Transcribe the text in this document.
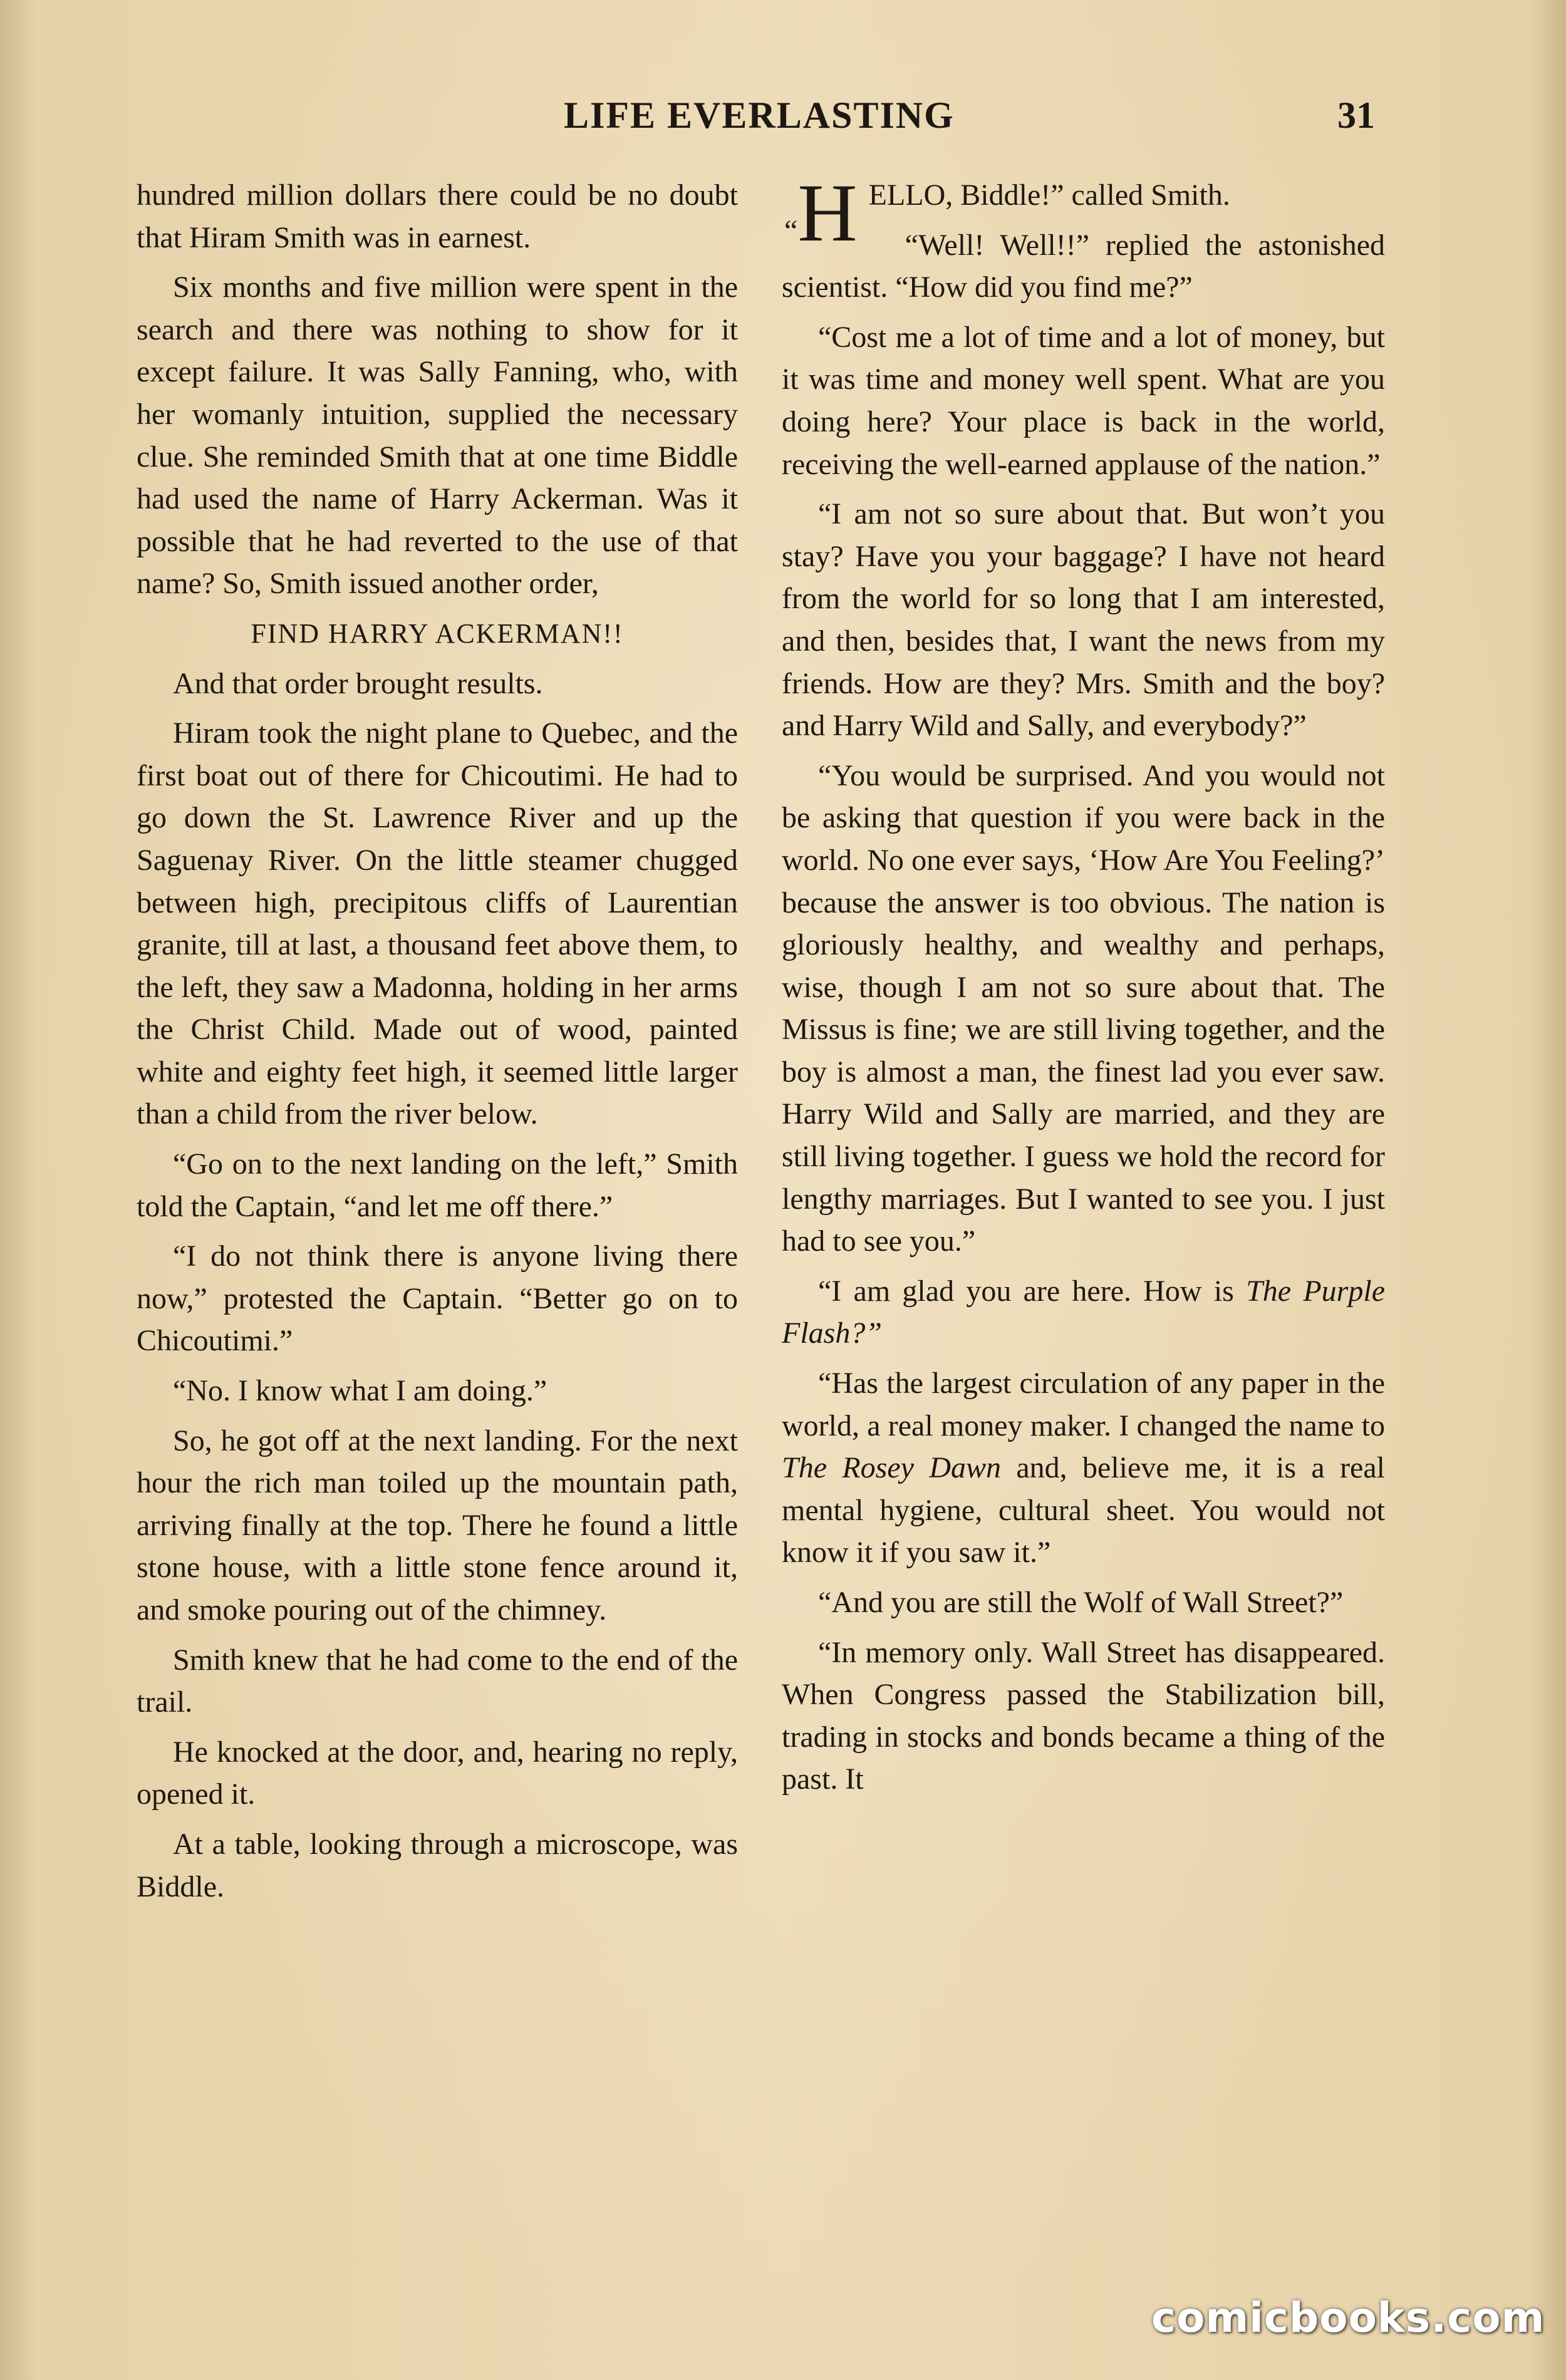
LIFE EVERLASTING	31

hundred million dollars there could be no doubt that Hiram Smith was in earnest.

Six months and five million were spent in the search and there was nothing to show for it except failure. It was Sally Fanning, who, with her womanly intuition, supplied the necessary clue. She reminded Smith that at one time Biddle had used the name of Harry Ackerman. Was it possible that he had reverted to the use of that name? So, Smith issued another order,

FIND HARRY ACKERMAN!!

And that order brought results.

Hiram took the night plane to Quebec, and the first boat out of there for Chicoutimi. He had to go down the St. Lawrence River and up the Saguenay River. On the little steamer chugged between high, precipitous cliffs of Laurentian granite, till at last, a thousand feet above them, to the left, they saw a Madonna, holding in her arms the Christ Child. Made out of wood, painted white and eighty feet high, it seemed little larger than a child from the river below.

“Go on to the next landing on the left,” Smith told the Captain, “and let me off there.”

“I do not think there is anyone living there now,” protested the Captain. “Better go on to Chicoutimi.”

“No. I know what I am doing.”

So, he got off at the next landing. For the next hour the rich man toiled up the mountain path, arriving finally at the top. There he found a little stone house, with a little stone fence around it, and smoke pouring out of the chimney.

Smith knew that he had come to the end of the trail.

He knocked at the door, and, hearing no reply, opened it.

At a table, looking through a microscope, was Biddle.

“H ELLO, Biddle!” called Smith.

“Well! Well!!” replied the astonished scientist. “How did you find me?”

“Cost me a lot of time and a lot of money, but it was time and money well spent. What are you doing here? Your place is back in the world, receiving the well-earned applause of the nation.”

“I am not so sure about that. But won’t you stay? Have you your baggage? I have not heard from the world for so long that I am interested, and then, besides that, I want the news from my friends. How are they? Mrs. Smith and the boy? and Harry Wild and Sally, and everybody?”

“You would be surprised. And you would not be asking that question if you were back in the world. No one ever says, ‘How Are You Feeling?’ because the answer is too obvious. The nation is gloriously healthy, and wealthy and perhaps, wise, though I am not so sure about that. The Missus is fine; we are still living together, and the boy is almost a man, the finest lad you ever saw. Harry Wild and Sally are married, and they are still living together. I guess we hold the record for lengthy marriages. But I wanted to see you. I just had to see you.”

“I am glad you are here. How is The Purple Flash?”

“Has the largest circulation of any paper in the world, a real money maker. I changed the name to The Rosey Dawn and, believe me, it is a real mental hygiene, cultural sheet. You would not know it if you saw it.”

“And you are still the Wolf of Wall Street?”

“In memory only. Wall Street has disappeared. When Congress passed the Stabilization bill, trading in stocks and bonds became a thing of the past. It

comicbooks.com
